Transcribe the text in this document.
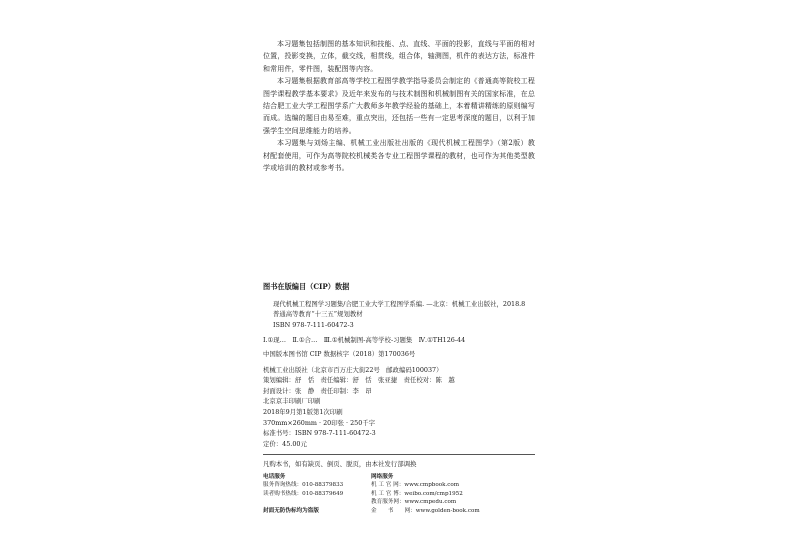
本习题集包括制图的基本知识和技能、点、直线、平面的投影，直线与平面的相对位置，投影变换，立体，截交线，相贯线，组合体，轴测图，机件的表达方法，标准件和常用件，零件图，装配图等内容。

本习题集根据教育部高等学校工程图学教学指导委员会制定的《普通高等院校工程图学课程教学基本要求》及近年来发布的与技术制图和机械制图有关的国家标准，在总结合肥工业大学工程图学系广大教师多年教学经验的基础上，本着精讲精练的原则编写而成。选编的题目由易至难，重点突出，还包括一些有一定思考深度的题目，以利于加强学生空间思维能力的培养。

本习题集与刘炀主编、机械工业出版社出版的《现代机械工程图学》（第2版）教材配套使用，可作为高等院校机械类各专业工程图学课程的教材，也可作为其他类型教学或培训的教材或参考书。

图书在版编目（CIP）数据
现代机械工程图学习题集/合肥工业大学工程图学系编. —北京：机械工业出版社，2018.8
普通高等教育“十三五”规划教材
ISBN 978-7-111-60472-3
Ⅰ.①现…　Ⅱ.①合…　Ⅲ.①机械制图-高等学校-习题集　Ⅳ.①TH126-44
中国版本图书馆 CIP 数据核字（2018）第170036号
机械工业出版社（北京市百万庄大街22号　邮政编码100037）
策划编辑：舒　恬　责任编辑：舒　恬　张亚捷　责任校对：陈　越
封面设计：张　静　责任印制：李　昂
北京京丰印刷厂印刷
2018年9月第1版第1次印刷
370mm×260mm · 20印张 · 250千字
标准书号：ISBN 978-7-111-60472-3
定价：45.00元
凡购本书，如有缺页、倒页、脱页，由本社发行部调换
电话服务	网络服务
服务咨询热线：010-88379833	机 工 官 网：www.cmpbook.com
读者购书热线：010-88379649	机 工 官 博：weibo.com/cmp1952
教育服务网：www.cmpedu.com
封面无防伪标均为盗版	金　　书　　网：www.golden-book.com
